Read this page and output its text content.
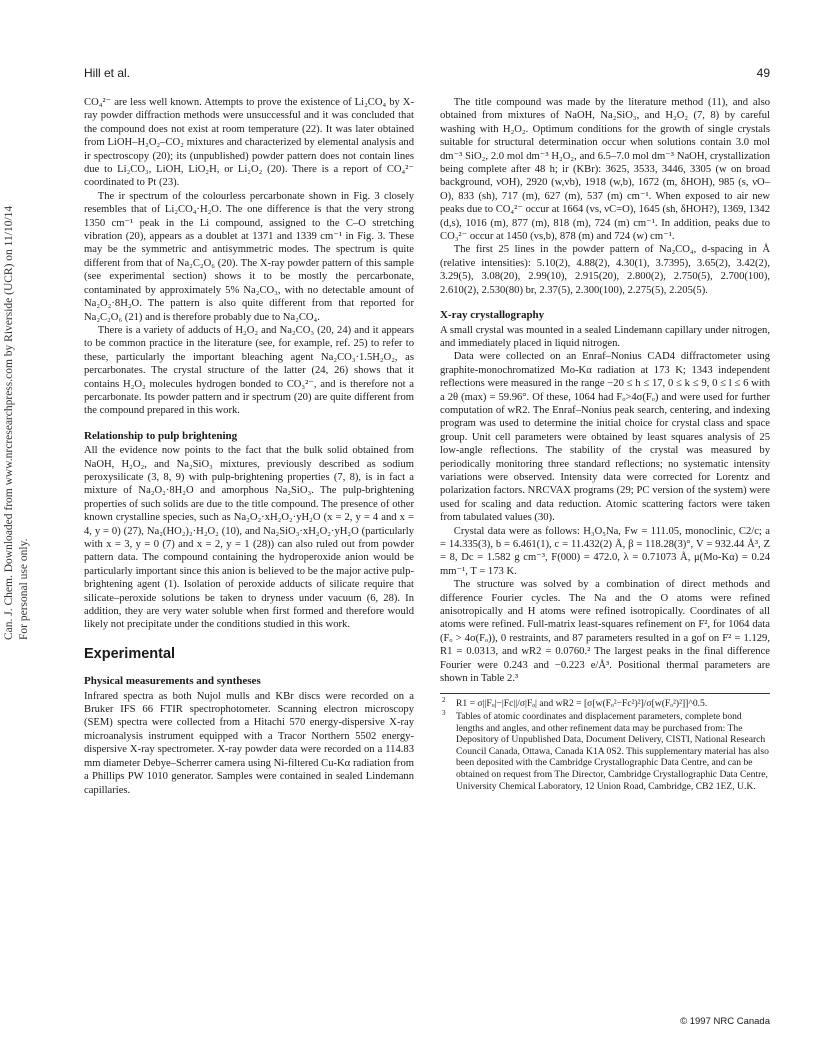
Hill et al.	49
Can. J. Chem. Downloaded from www.nrcresearchpress.com by Riverside (UCR) on 11/10/14 For personal use only.

CO₄²⁻ are less well known. Attempts to prove the existence of Li₂CO₄ by X-ray powder diffraction methods were unsuccessful and it was concluded that the compound does not exist at room temperature (22). It was later obtained from LiOH–H₂O₂–CO₂ mixtures and characterized by elemental analysis and ir spectroscopy (20); its (unpublished) powder pattern does not contain lines due to Li₂CO₃, LiOH, LiO₂H, or Li₂O₂ (20). There is a report of CO₄²⁻ coordinated to Pt (23).

The ir spectrum of the colourless percarbonate shown in Fig. 3 closely resembles that of Li₂CO₄·H₂O. The one difference is that the very strong 1350 cm⁻¹ peak in the Li compound, assigned to the C–O stretching vibration (20), appears as a doublet at 1371 and 1339 cm⁻¹ in Fig. 3. These may be the symmetric and antisymmetric modes. The spectrum is quite different from that of Na₂C₂O₆ (20). The X-ray powder pattern of this sample (see experimental section) shows it to be mostly the percarbonate, contaminated by approximately 5% Na₂CO₃, with no detectable amount of Na₂O₂·8H₂O. The pattern is also quite different from that reported for Na₂C₂O₆ (21) and is therefore probably due to Na₂CO₄.

There is a variety of adducts of H₂O₂ and Na₂CO₃ (20, 24) and it appears to be common practice in the literature (see, for example, ref. 25) to refer to these, particularly the important bleaching agent Na₂CO₃·1.5H₂O₂, as percarbonates. The crystal structure of the latter (24, 26) shows that it contains H₂O₂ molecules hydrogen bonded to CO₃²⁻, and is therefore not a percarbonate. Its powder pattern and ir spectrum (20) are quite different from the compound prepared in this work.

Relationship to pulp brightening

All the evidence now points to the fact that the bulk solid obtained from NaOH, H₂O₂, and Na₂SiO₃ mixtures, previously described as sodium peroxysilicate (3, 8, 9) with pulp-brightening properties (7, 8), is in fact a mixture of Na₂O₂·8H₂O and amorphous Na₂SiO₃. The pulp-brightening properties of such solids are due to the title compound. The presence of other known crystalline species, such as Na₂O₂·xH₂O₂·yH₂O (x = 2, y = 4 and x = 4, y = 0) (27), Na₂(HO₂)₂·H₂O₂ (10), and Na₂SiO₃·xH₂O₂·yH₂O (particularly with x = 3, y = 0 (7) and x = 2, y = 1 (28)) can also ruled out from powder pattern data. The compound containing the hydroperoxide anion would be particularly important since this anion is believed to be the major active pulp-brightening agent (1). Isolation of peroxide adducts of silicate require that silicate–peroxide solutions be taken to dryness under vacuum (6, 28). In addition, they are very water soluble when first formed and therefore would likely not precipitate under the conditions studied in this work.

Experimental
Physical measurements and syntheses

Infrared spectra as both Nujol mulls and KBr discs were recorded on a Bruker IFS 66 FTIR spectrophotometer. Scanning electron microscopy (SEM) spectra were collected from a Hitachi 570 energy-dispersive X-ray microanalysis instrument equipped with a Tracor Northern 5502 energy-dispersive X-ray spectrometer. X-ray powder data were recorded on a 114.83 mm diameter Debye–Scherrer camera using Ni-filtered Cu-Kα radiation from a Phillips PW 1010 generator. Samples were contained in sealed Lindemann capillaries.

The title compound was made by the literature method (11), and also obtained from mixtures of NaOH, Na₂SiO₃, and H₂O₂ (7, 8) by careful washing with H₂O₂. Optimum conditions for the growth of single crystals suitable for structural determination occur when solutions contain 3.0 mol dm⁻³ SiO₂, 2.0 mol dm⁻³ H₂O₂, and 6.5–7.0 mol dm⁻³ NaOH, crystallization being complete after 48 h; ir (KBr): 3625, 3533, 3446, 3305 (w on broad background, νOH), 2920 (w,vb), 1918 (w,b), 1672 (m, δHOH), 985 (s, νO–O), 833 (sh), 717 (m), 627 (m), 537 (m) cm⁻¹. When exposed to air new peaks due to CO₄²⁻ occur at 1664 (vs, νC=O), 1645 (sh, δHOH?), 1369, 1342 (d,s), 1016 (m), 877 (m), 818 (m), 724 (m) cm⁻¹. In addition, peaks due to CO₃²⁻ occur at 1450 (vs,b), 878 (m) and 724 (w) cm⁻¹.

The first 25 lines in the powder pattern of Na₂CO₄, d-spacing in Å (relative intensities): 5.10(2), 4.88(2), 4.30(1), 3.7395), 3.65(2), 3.42(2), 3.29(5), 3.08(20), 2.99(10), 2.915(20), 2.800(2), 2.750(5), 2.700(100), 2.610(2), 2.530(80) br, 2.37(5), 2.300(100), 2.275(5), 2.205(5).

X-ray crystallography

A small crystal was mounted in a sealed Lindemann capillary under nitrogen, and immediately placed in liquid nitrogen.

Data were collected on an Enraf–Nonius CAD4 diffractometer using graphite-monochromatized Mo-Kα radiation at 173 K; 1343 independent reflections were measured in the range −20 ≤ h ≤ 17, 0 ≤ k ≤ 9, 0 ≤ l ≤ 6 with a 2θ (max) = 59.96°. Of these, 1064 had Fₒ>4σ(Fₒ) and were used for further computation of wR2. The Enraf–Nonius peak search, centering, and indexing program was used to determine the initial choice for crystal class and space group. Unit cell parameters were obtained by least squares analysis of 25 low-angle reflections. The stability of the crystal was measured by periodically monitoring three standard reflections; no systematic intensity variations were observed. Intensity data were corrected for Lorentz and polarization factors. NRCVAX programs (29; PC version of the system) were used for scaling and data reduction. Atomic scattering factors were taken from tabulated values (30).

Crystal data were as follows: H₃O₅Na, Fw = 111.05, monoclinic, C2/c; a = 14.335(3), b = 6.461(1), c = 11.432(2) Å, β = 118.28(3)°, V = 932.44 Å³, Z = 8, Dc = 1.582 g cm⁻³, F(000) = 472.0, λ = 0.71073 Å, μ(Mo-Kα) = 0.24 mm⁻¹, T = 173 K.

The structure was solved by a combination of direct methods and difference Fourier cycles. The Na and the O atoms were refined anisotropically and H atoms were refined isotropically. Coordinates of all atoms were refined. Full-matrix least-squares refinement on F², for 1064 data (Fₒ > 4σ(Fₒ)), 0 restraints, and 87 parameters resulted in a gof on F² = 1.129, R1 = 0.0313, and wR2 = 0.0760.² The largest peaks in the final difference Fourier were 0.243 and −0.223 e/Å³. Positional thermal parameters are shown in Table 2.³

2 R1 = σ||Fₒ|−|Fc||/σ|Fₒ| and wR2 = [σ[w(Fₒ²−Fc²)²]/σ[w(Fₒ²)²]]^0.5.
3 Tables of atomic coordinates and displacement parameters, complete bond lengths and angles, and other refinement data may be purchased from: The Depository of Unpublished Data, Document Delivery, CISTI, National Research Council Canada, Ottawa, Canada K1A 0S2. This supplementary material has also been deposited with the Cambridge Crystallographic Data Centre, and can be obtained on request from The Director, Cambridge Crystallographic Data Centre, University Chemical Laboratory, 12 Union Road, Cambridge, CB2 1EZ, U.K.
© 1997 NRC Canada
